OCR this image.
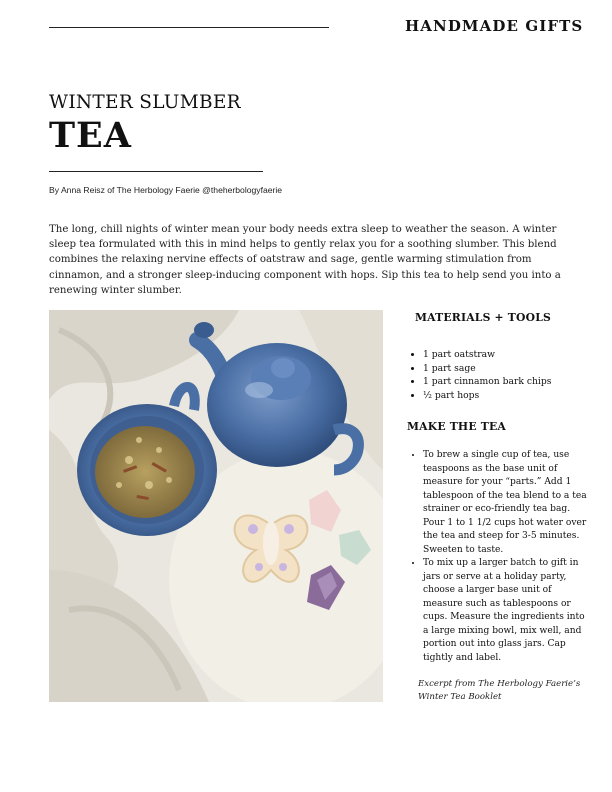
HANDMADE GIFTS
WINTER SLUMBER
TEA
By Anna Reisz of The Herbology Faerie @theherbologyfaerie

The long, chill nights of winter mean your body needs extra sleep to weather the season. A winter sleep tea formulated with this in mind helps to gently relax you for a soothing slumber. This blend combines the relaxing nervine effects of oatstraw and sage, gentle warming stimulation from cinnamon, and a stronger sleep-inducing component with hops. Sip this tea to help send you into a renewing winter slumber.

MATERIALS + TOOLS
• 1 part oatstraw
• 1 part sage
• 1 part cinnamon bark chips
• ½ part hops
MAKE THE TEA
• To brew a single cup of tea, use teaspoons as the base unit of measure for your “parts.” Add 1 tablespoon of the tea blend to a tea strainer or eco-friendly tea bag. Pour 1 to 1 1/2 cups hot water over the tea and steep for 3-5 minutes. Sweeten to taste.
• To mix up a larger batch to gift in jars or serve at a holiday party, choose a larger base unit of measure such as tablespoons or cups. Measure the ingredients into a large mixing bowl, mix well, and portion out into glass jars. Cap tightly and label.
Excerpt from The Herbology Faerie’s
Winter Tea Booklet
